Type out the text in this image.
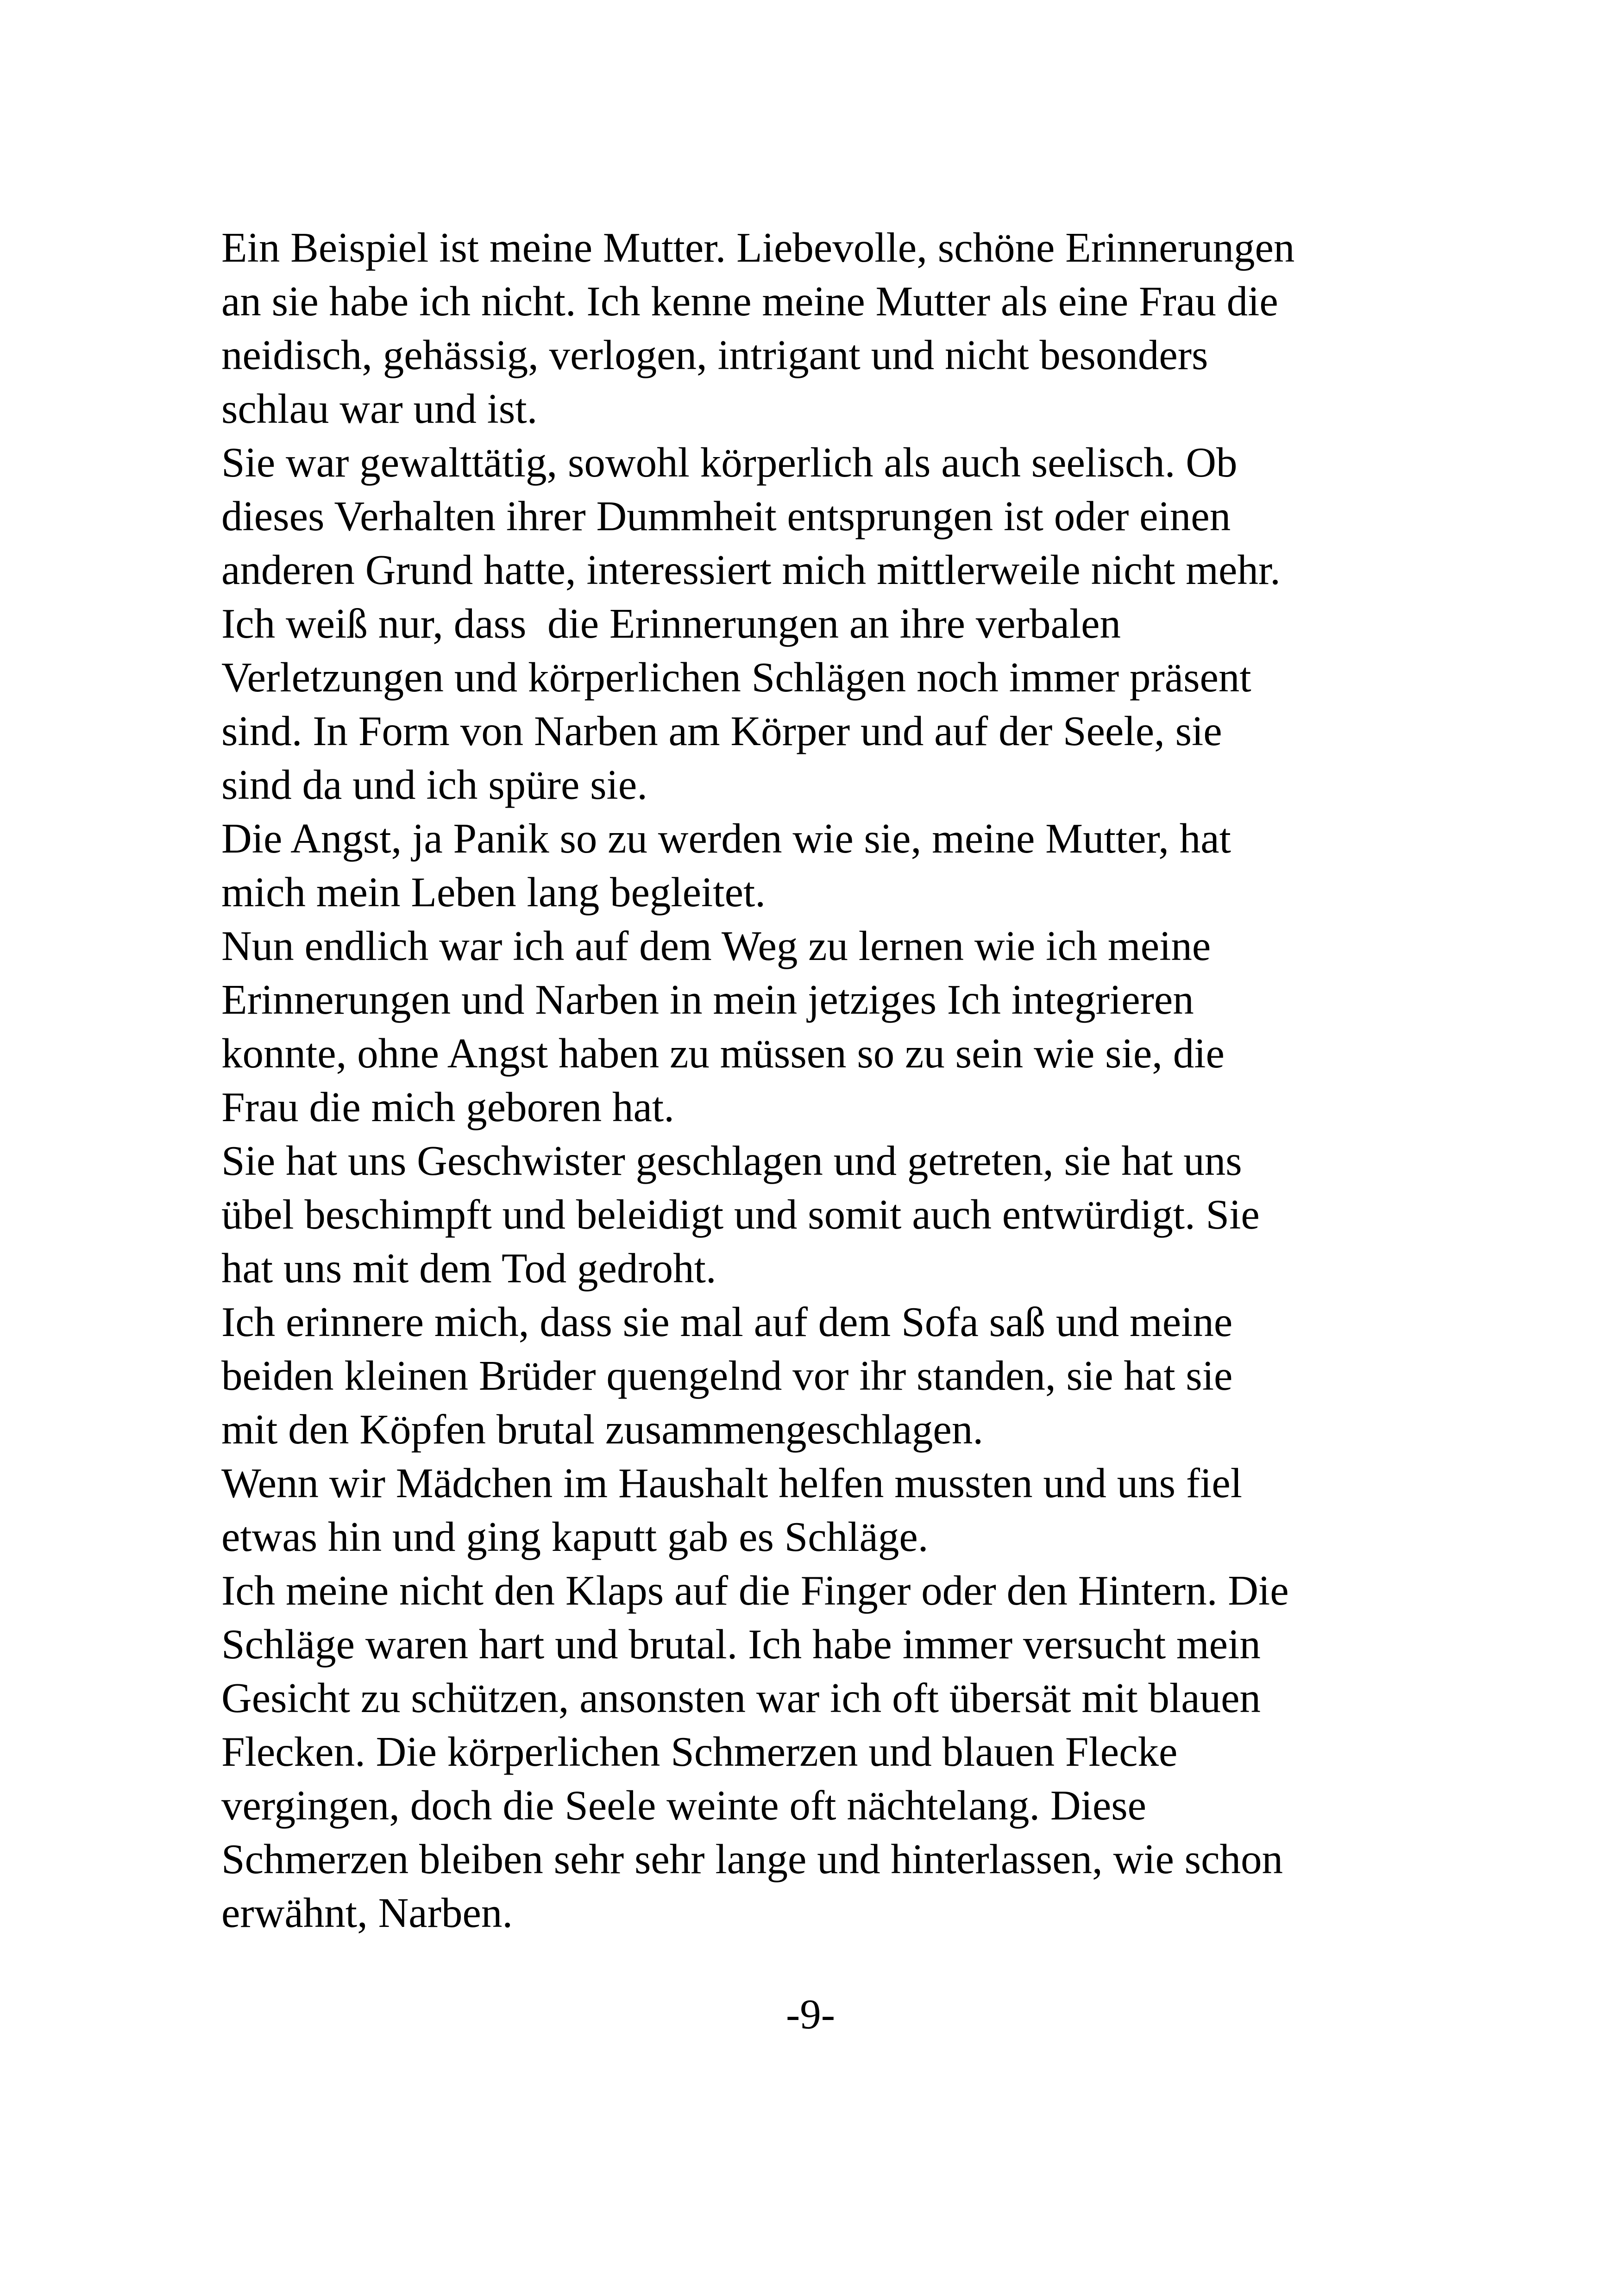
Ein Beispiel ist meine Mutter. Liebevolle, schöne Erinnerungen
an sie habe ich nicht. Ich kenne meine Mutter als eine Frau die
neidisch, gehässig, verlogen, intrigant und nicht besonders
schlau war und ist.
Sie war gewalttätig, sowohl körperlich als auch seelisch. Ob
dieses Verhalten ihrer Dummheit entsprungen ist oder einen
anderen Grund hatte, interessiert mich mittlerweile nicht mehr.
Ich weiß nur, dass  die Erinnerungen an ihre verbalen
Verletzungen und körperlichen Schlägen noch immer präsent
sind. In Form von Narben am Körper und auf der Seele, sie
sind da und ich spüre sie.
Die Angst, ja Panik so zu werden wie sie, meine Mutter, hat
mich mein Leben lang begleitet.
Nun endlich war ich auf dem Weg zu lernen wie ich meine
Erinnerungen und Narben in mein jetziges Ich integrieren
konnte, ohne Angst haben zu müssen so zu sein wie sie, die
Frau die mich geboren hat.
Sie hat uns Geschwister geschlagen und getreten, sie hat uns
übel beschimpft und beleidigt und somit auch entwürdigt. Sie
hat uns mit dem Tod gedroht.
Ich erinnere mich, dass sie mal auf dem Sofa saß und meine
beiden kleinen Brüder quengelnd vor ihr standen, sie hat sie
mit den Köpfen brutal zusammengeschlagen.
Wenn wir Mädchen im Haushalt helfen mussten und uns fiel
etwas hin und ging kaputt gab es Schläge.
Ich meine nicht den Klaps auf die Finger oder den Hintern. Die
Schläge waren hart und brutal. Ich habe immer versucht mein
Gesicht zu schützen, ansonsten war ich oft übersät mit blauen
Flecken. Die körperlichen Schmerzen und blauen Flecke
vergingen, doch die Seele weinte oft nächtelang. Diese
Schmerzen bleiben sehr sehr lange und hinterlassen, wie schon
erwähnt, Narben.
-9-
